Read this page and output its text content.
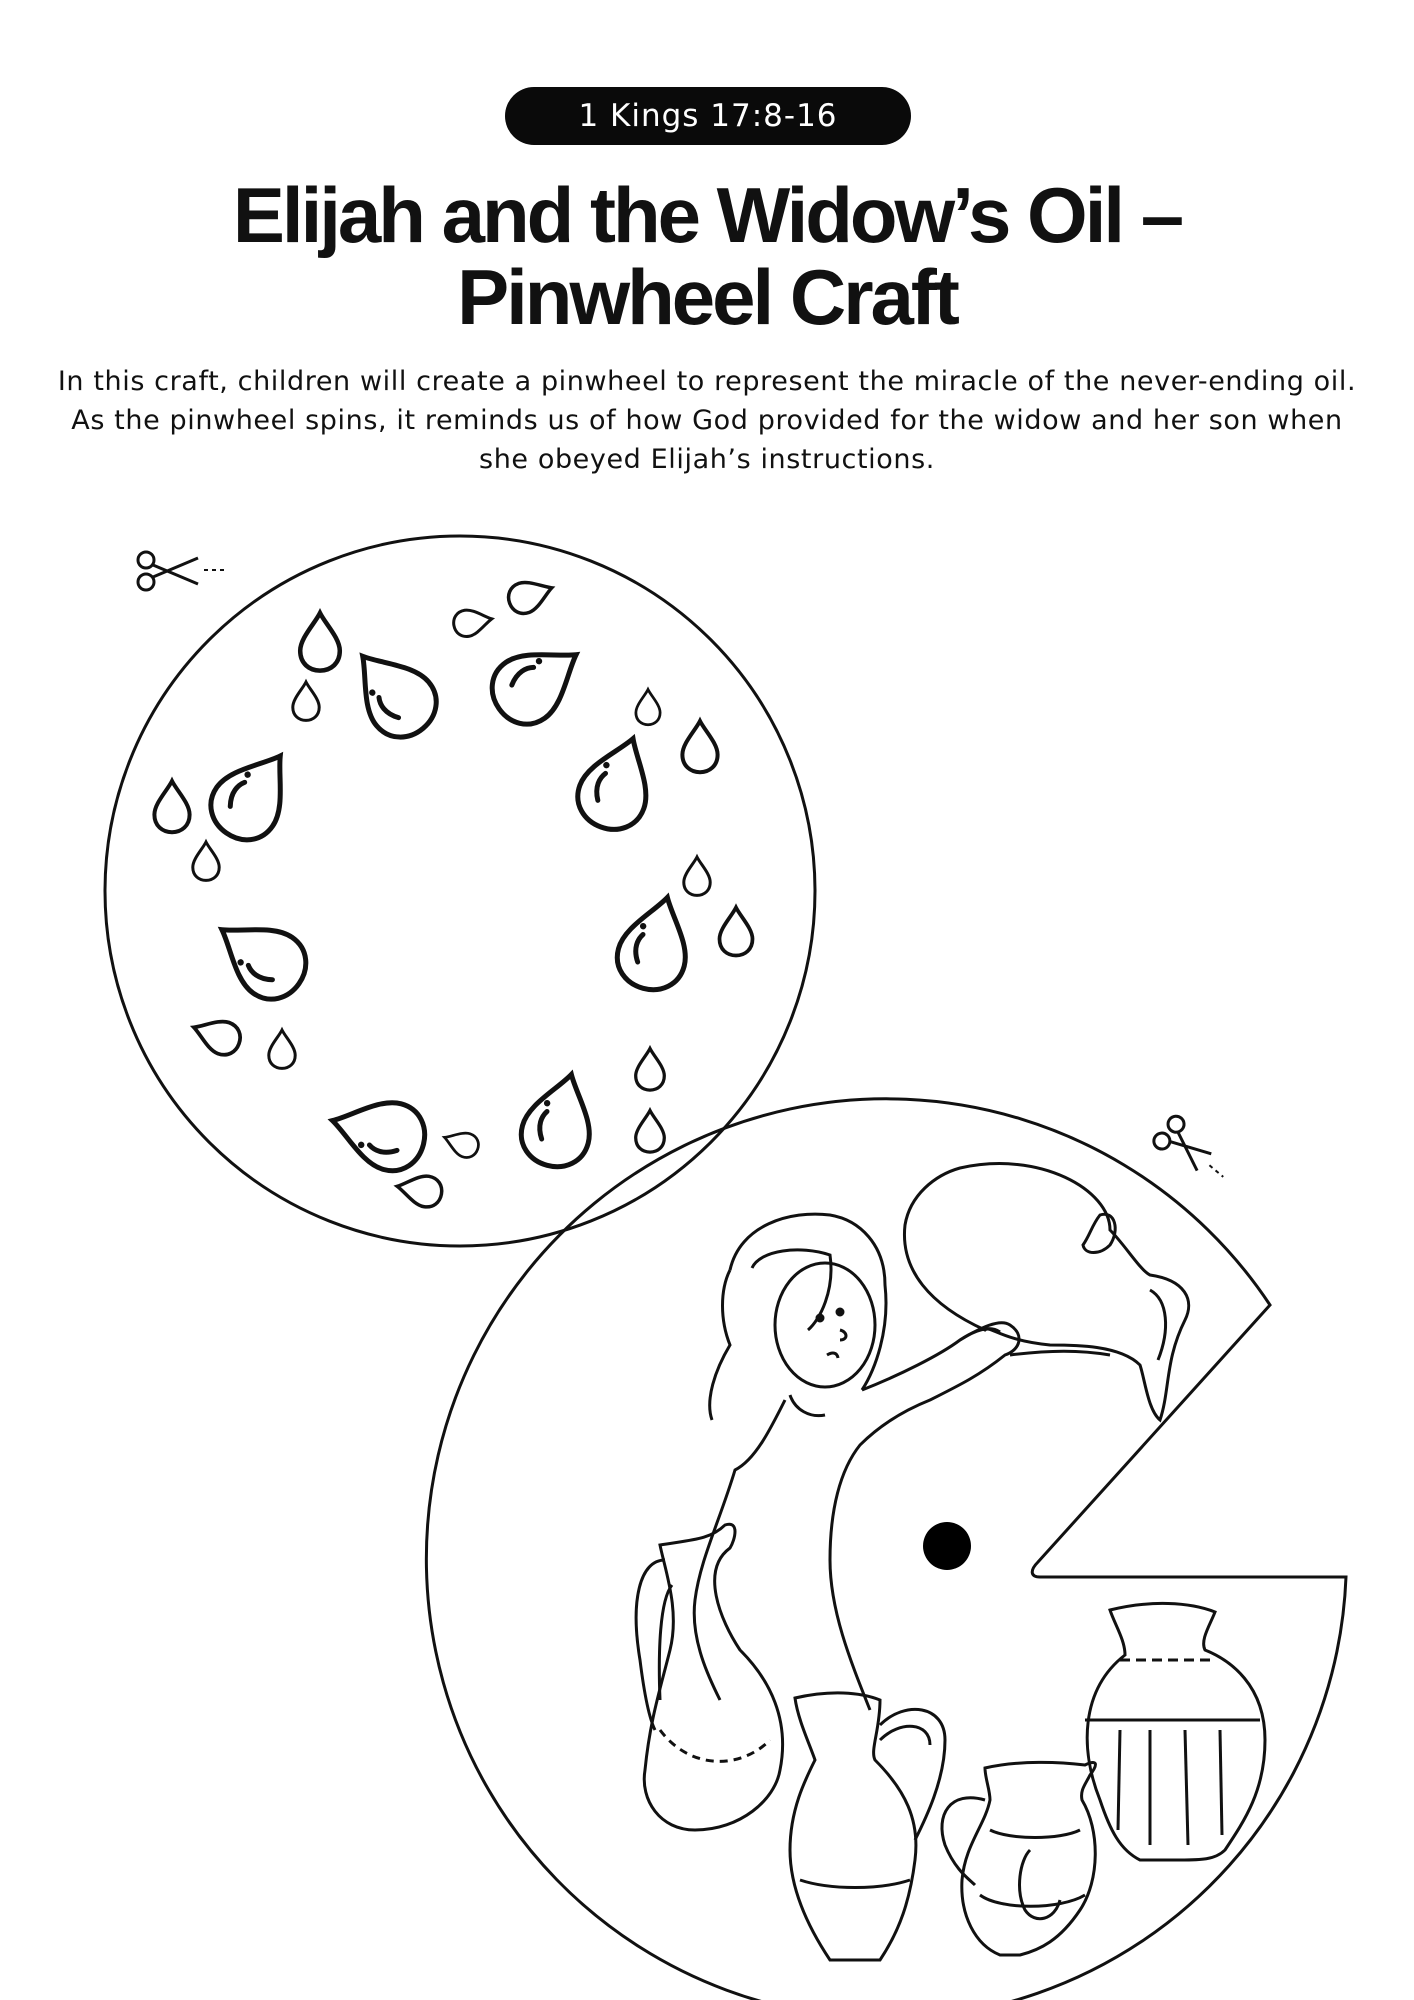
1 Kings 17:8-16
Elijah and the Widow’s Oil –
Pinwheel Craft

In this craft, children will create a pinwheel to represent the miracle of the never-ending oil. As the pinwheel spins, it reminds us of how God provided for the widow and her son when she obeyed Elijah’s instructions.
